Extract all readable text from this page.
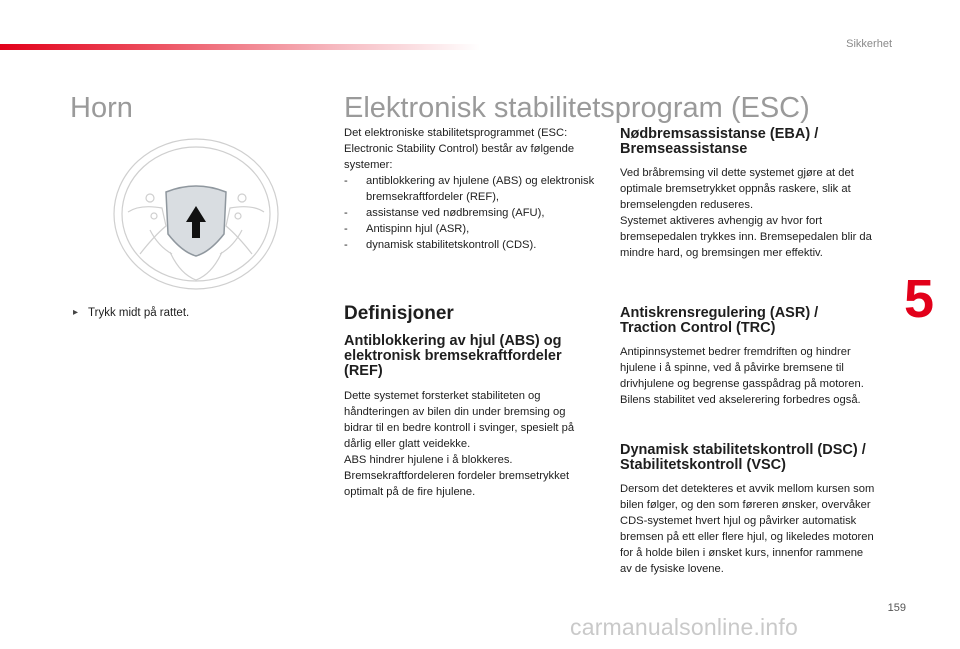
Sikkerhet
5
Horn	Elektronisk stabilitetsprogram (ESC)
▸ Trykk midt på rattet.

Det elektroniske stabilitetsprogrammet (ESC: Electronic Stability Control) består av følgende systemer:

- antiblokkering av hjulene (ABS) og elektronisk bremsekraftfordeler (REF),
- assistanse ved nødbremsing (AFU),
- Antispinn hjul (ASR),
- dynamisk stabilitetskontroll (CDS).
Definisjoner
Antiblokkering av hjul (ABS) og elektronisk bremsekraftfordeler (REF)

Dette systemet forsterket stabiliteten og håndteringen av bilen din under bremsing og bidrar til en bedre kontroll i svinger, spesielt på dårlig eller glatt veidekke.

ABS hindrer hjulene i å blokkeres.

Bremsekraftfordeleren fordeler bremsetrykket optimalt på de fire hjulene.

Nødbremsassistanse (EBA) / Bremseassistanse

Ved bråbremsing vil dette systemet gjøre at det optimale bremsetrykket oppnås raskere, slik at bremselengden reduseres.

Systemet aktiveres avhengig av hvor fort bremsepedalen trykkes inn. Bremsepedalen blir da mindre hard, og bremsingen mer effektiv.

Antiskrensregulering (ASR) / Traction Control (TRC)

Antipinnsystemet bedrer fremdriften og hindrer hjulene i å spinne, ved å påvirke bremsene til drivhjulene og begrense gasspådrag på motoren. Bilens stabilitet ved akselerering forbedres også.

Dynamisk stabilitetskontroll (DSC) / Stabilitetskontroll (VSC)

Dersom det detekteres et avvik mellom kursen som bilen følger, og den som føreren ønsker, overvåker CDS-systemet hvert hjul og påvirker automatisk bremsen på ett eller flere hjul, og likeledes motoren for å holde bilen i ønsket kurs, innenfor rammene av de fysiske lovene.

159
carmanualsonline.info
